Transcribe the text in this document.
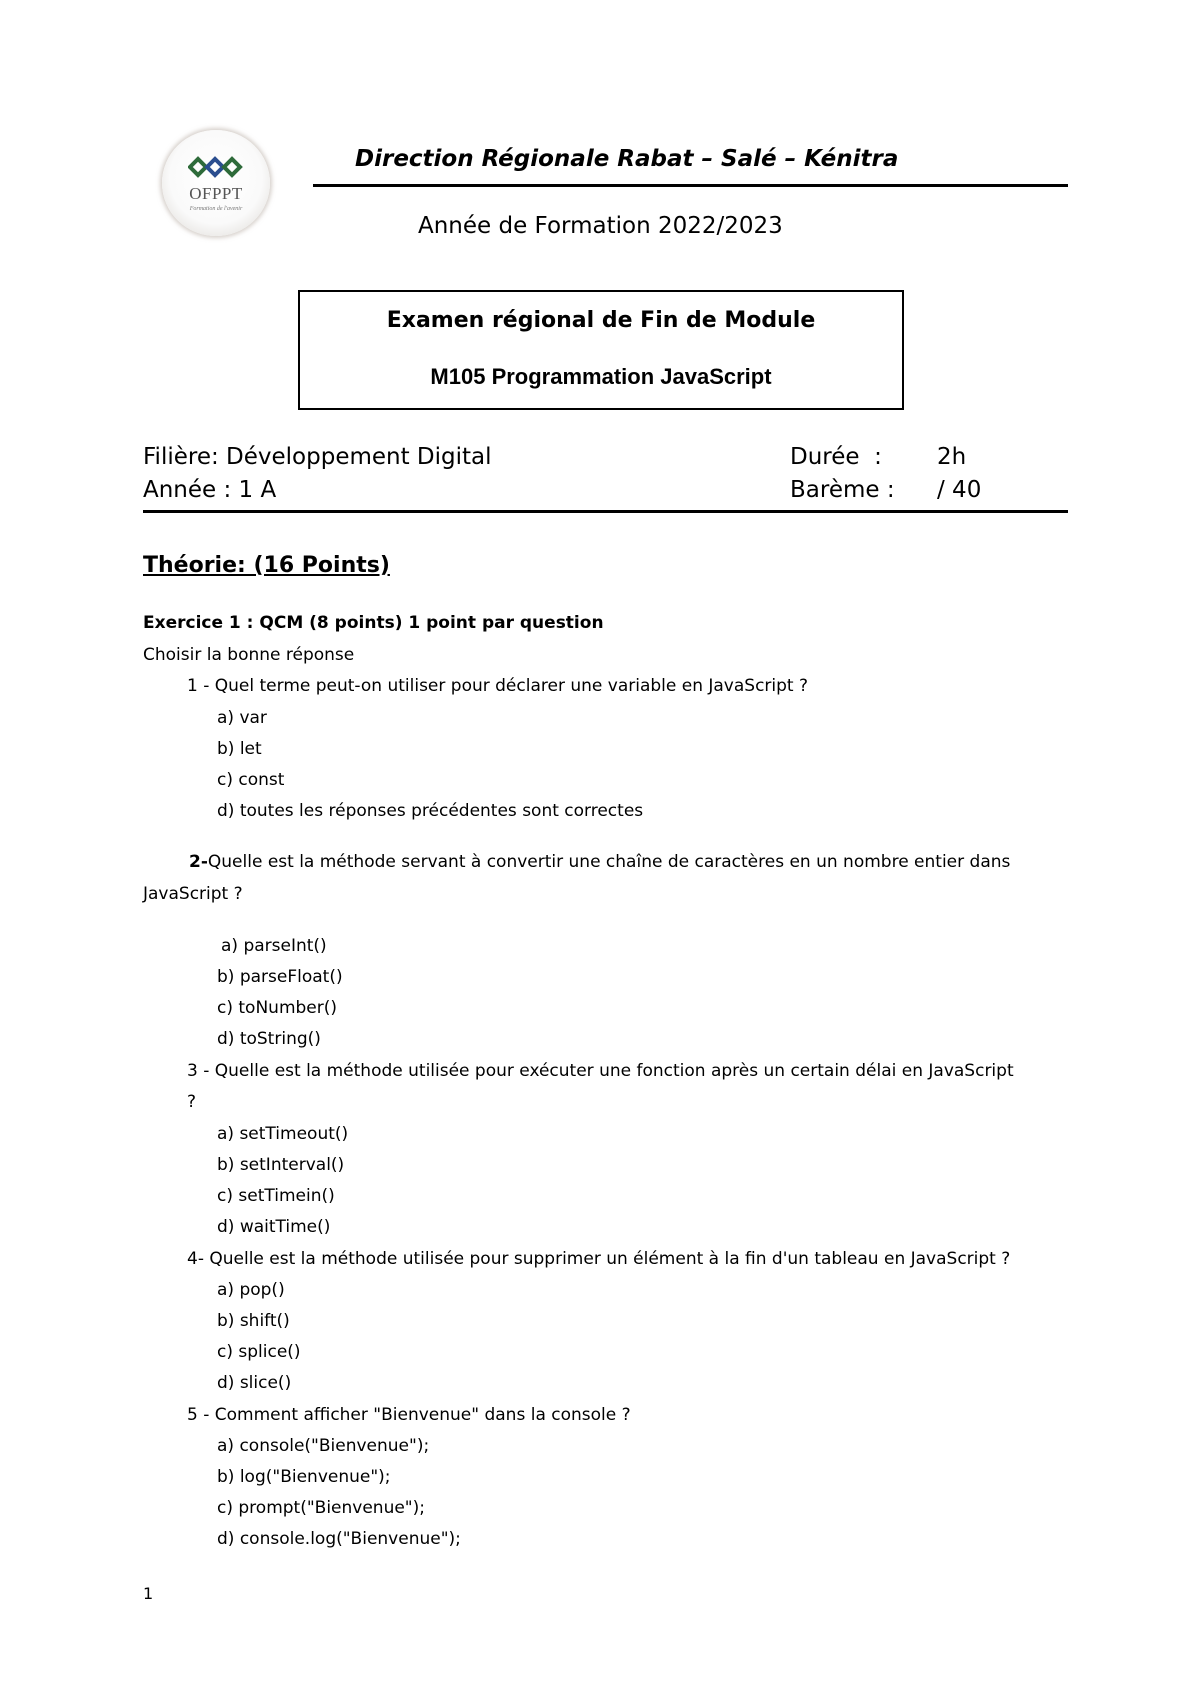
OFPPT
Formation de l'avenir
Direction Régionale Rabat – Salé – Kénitra
Année de Formation 2022/2023
Examen régional de Fin de Module
M105 Programmation JavaScript
Filière: Développement Digital
Année : 1 A
Durée  : 2h
Barème : / 40
Théorie: (16 Points)
Exercice 1 : QCM (8 points) 1 point par question
Choisir la bonne réponse
1 - Quel terme peut-on utiliser pour déclarer une variable en JavaScript ?
a) var
b) let
c) const
d) toutes les réponses précédentes sont correctes
2-Quelle est la méthode servant à convertir une chaîne de caractères en un nombre entier dans
JavaScript ?
a) parseInt()
b) parseFloat()
c) toNumber()
d) toString()
3 - Quelle est la méthode utilisée pour exécuter une fonction après un certain délai en JavaScript
?
a) setTimeout()
b) setInterval()
c) setTimein()
d) waitTime()
4- Quelle est la méthode utilisée pour supprimer un élément à la fin d'un tableau en JavaScript ?
a) pop()
b) shift()
c) splice()
d) slice()
5 - Comment afficher "Bienvenue" dans la console ?
a) console("Bienvenue");
b) log("Bienvenue");
c) prompt("Bienvenue");
d) console.log("Bienvenue");
1
